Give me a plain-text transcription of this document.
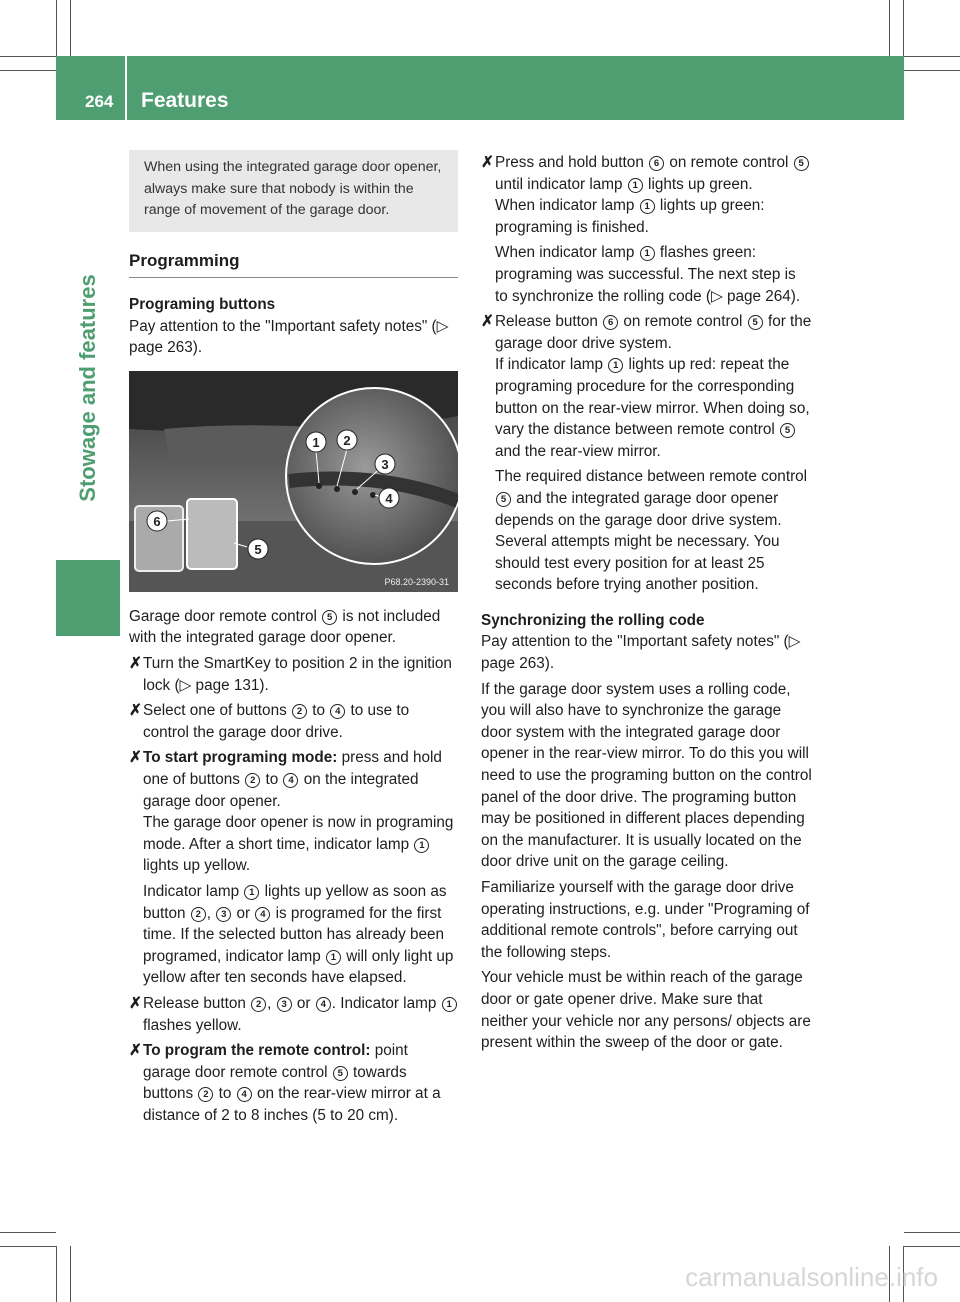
264 Features
Stowage and features
When using the integrated garage door opener, always make sure that nobody is within the range of movement of the garage door.
Programming
Programing buttons

Pay attention to the "Important safety notes" (▷ page 263).

1 2
3
4
5
6
P68.20-2390-31

Garage door remote control 5 is not included with the integrated garage door opener.

✗ Turn the SmartKey to position 2 in the ignition lock (▷ page 131).
✗ Select one of buttons 2 to 4 to use to control the garage door drive.
✗ To start programing mode: press and hold one of buttons 2 to 4 on the integrated garage door opener.
The garage door opener is now in programing mode. After a short time, indicator lamp 1 lights up yellow.
Indicator lamp 1 lights up yellow as soon as button 2 , 3 or 4 is programed for the first time. If the selected button has already been programed, indicator lamp 1 will only light up yellow after ten seconds have elapsed.
✗ Release button 2 , 3 or 4 . Indicator lamp 1 flashes yellow.
✗ To program the remote control: point garage door remote control 5 towards buttons 2 to 4 on the rear-view mirror at a distance of 2 to 8 inches (5 to 20 cm).
✗ Press and hold button 6 on remote control 5 until indicator lamp 1 lights up green.
When indicator lamp 1 lights up green: programing is finished.
When indicator lamp 1 flashes green: programing was successful. The next step is to synchronize the rolling code (▷ page 264).
✗ Release button 6 on remote control 5 for the garage door drive system.
If indicator lamp 1 lights up red: repeat the programing procedure for the corresponding button on the rear-view mirror. When doing so, vary the distance between remote control 5 and the rear-view mirror.
The required distance between remote control 5 and the integrated garage door opener depends on the garage door drive system. Several attempts might be necessary. You should test every position for at least 25 seconds before trying another position.
Synchronizing the rolling code

Pay attention to the "Important safety notes" (▷ page 263).

If the garage door system uses a rolling code, you will also have to synchronize the garage door system with the integrated garage door opener in the rear-view mirror. To do this you will need to use the programing button on the control panel of the door drive. The programing button may be positioned in different places depending on the manufacturer. It is usually located on the door drive unit on the garage ceiling.

Familiarize yourself with the garage door drive operating instructions, e.g. under "Programing of additional remote controls", before carrying out the following steps.

Your vehicle must be within reach of the garage door or gate opener drive. Make sure that neither your vehicle nor any persons/ objects are present within the sweep of the door or gate.

carmanualsonline.info
